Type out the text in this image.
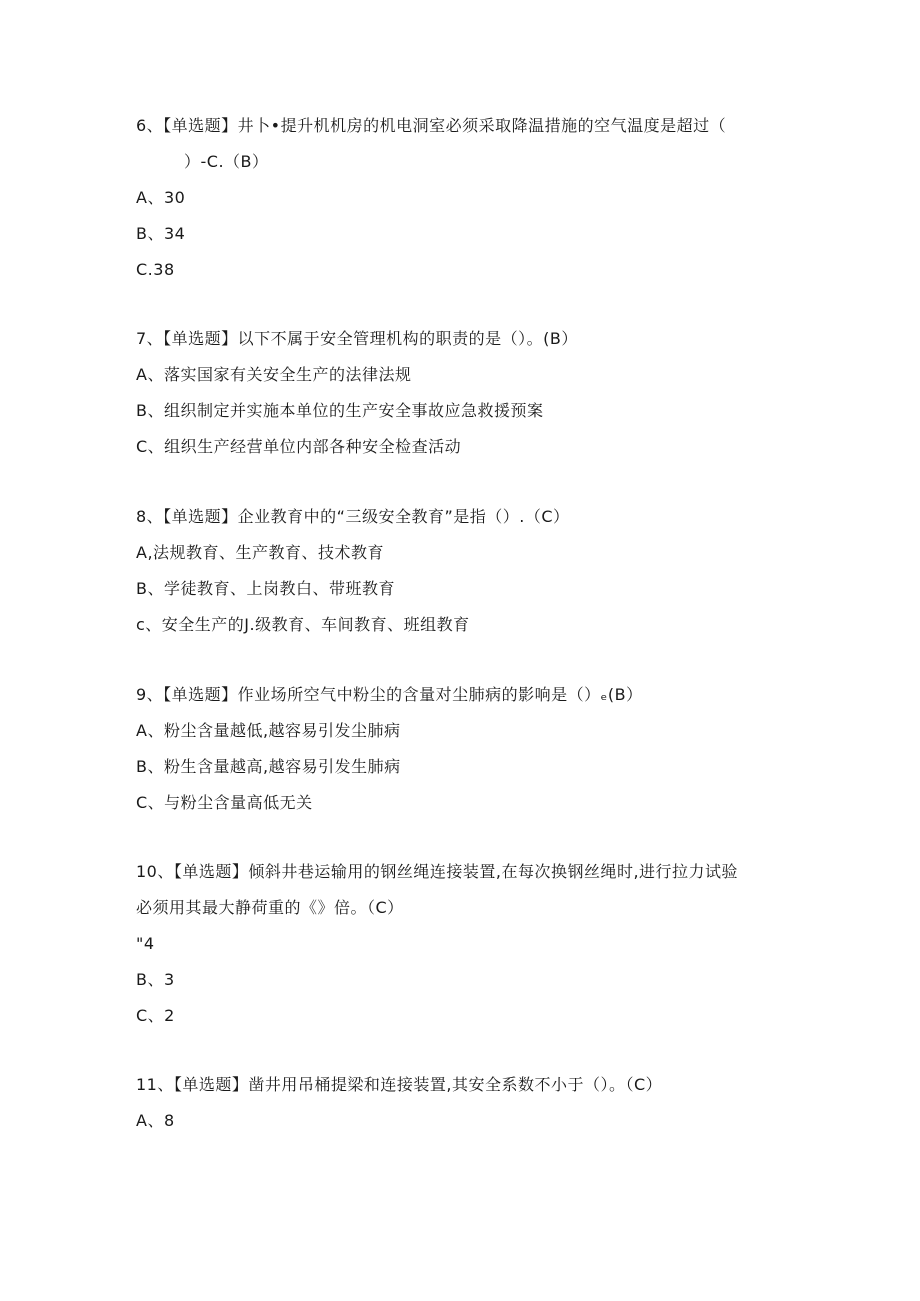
6、【单选题】井卜•提升机机房的机电洞室必须采取降温措施的空气温度是超过（
）-C.（B）
A、30
B、34
C.38
7、【单选题】以下不属于安全管理机构的职责的是（）。(B）
A、落实国家有关安全生产的法律法规
B、组织制定并实施本单位的生产安全事故应急救援预案
C、组织生产经营单位内部各种安全检查活动
8、【单选题】企业教育中的“三级安全教育”是指（）.（C）
A,法规教育、生产教育、技术教育
B、学徒教育、上岗教白、带班教育
c、安全生产的J.级教育、车间教育、班组教育
9、【单选题】作业场所空气中粉尘的含量对尘肺病的影响是（）ₑ(B）
A、粉尘含量越低,越容易引发尘肺病
B、粉生含量越高,越容易引发生肺病
C、与粉尘含量高低无关
10、【单选题】倾斜井巷运输用的钢丝绳连接装置,在每次换钢丝绳时,进行拉力试验
必须用其最大静荷重的《》倍。（C）
"4
B、3
C、2
11、【单选题】凿井用吊桶提梁和连接装置,其安全系数不小于（）。（C）
A、8
